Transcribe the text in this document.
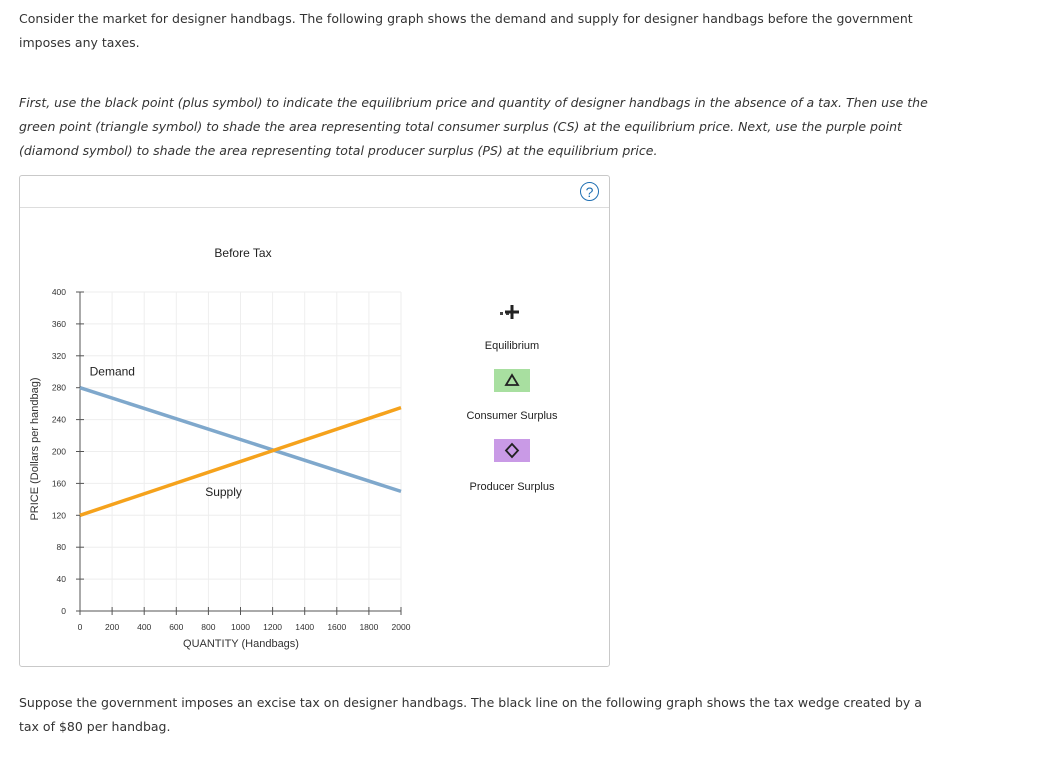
Consider the market for designer handbags. The following graph shows the demand and supply for designer handbags before the government imposes any taxes.

First, use the black point (plus symbol) to indicate the equilibrium price and quantity of designer handbags in the absence of a tax. Then use the green point (triangle symbol) to shade the area representing total consumer surplus (CS) at the equilibrium price. Next, use the purple point (diamond symbol) to shade the area representing total producer surplus (PS) at the equilibrium price.

?
Before Tax
0	200 400 600 800 1000 1200 1400 1600 1800 2000
0
40
80
120
160
200
240
280
320
360
400
Demand
Supply
PRICE (Dollars per handbag)
QUANTITY (Handbags)
Equilibrium
Consumer Surplus
Producer Surplus

Suppose the government imposes an excise tax on designer handbags. The black line on the following graph shows the tax wedge created by a tax of $80 per handbag.
